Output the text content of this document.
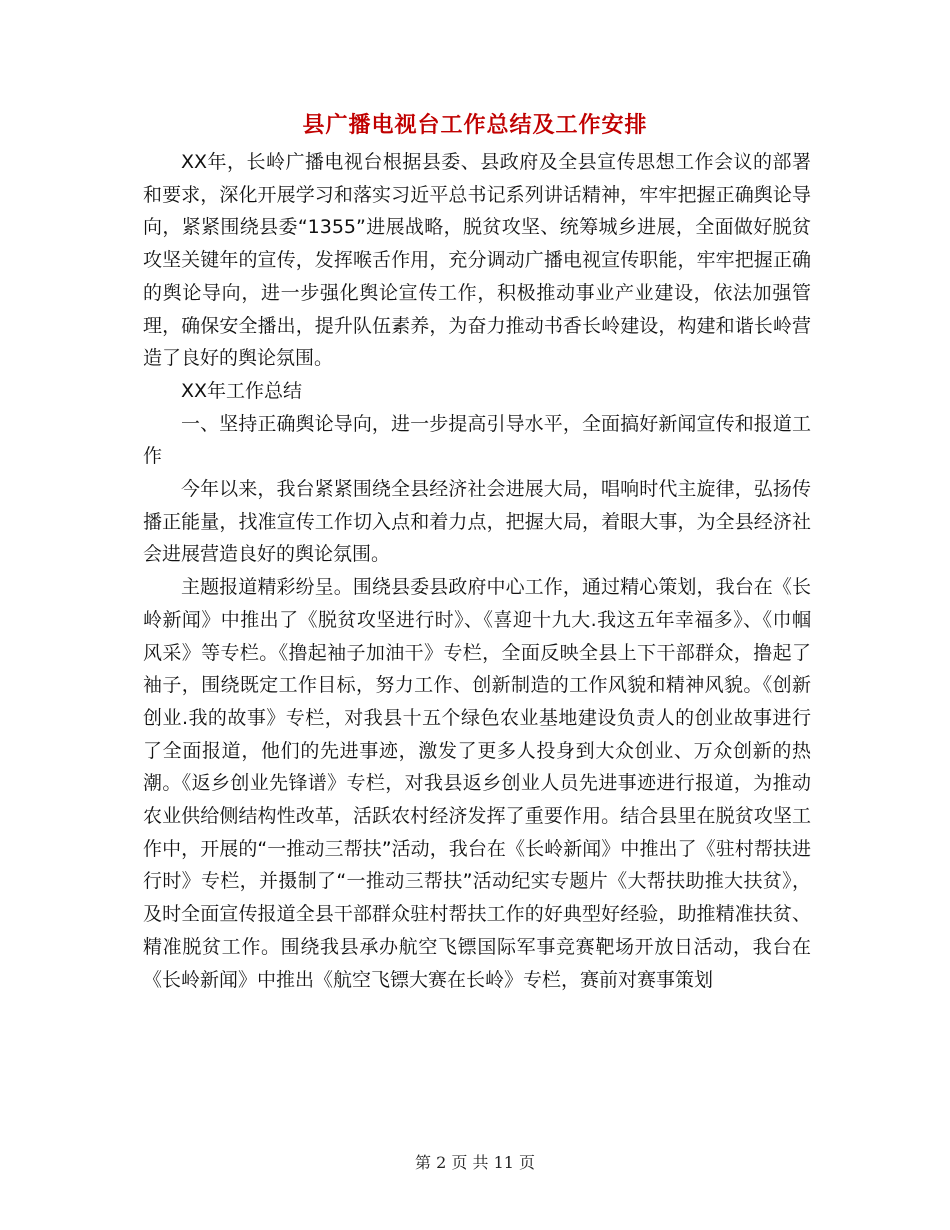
县广播电视台工作总结及工作安排

XX年，长岭广播电视台根据县委、县政府及全县宣传思想工作会议的部署和要求，深化开展学习和落实习近平总书记系列讲话精神，牢牢把握正确舆论导向，紧紧围绕县委“1355”进展战略，脱贫攻坚、统筹城乡进展，全面做好脱贫攻坚关键年的宣传，发挥喉舌作用，充分调动广播电视宣传职能，牢牢把握正确的舆论导向，进一步强化舆论宣传工作，积极推动事业产业建设，依法加强管理，确保安全播出，提升队伍素养，为奋力推动书香长岭建设，构建和谐长岭营造了良好的舆论氛围。

XX年工作总结

一、坚持正确舆论导向，进一步提高引导水平，全面搞好新闻宣传和报道工作

今年以来，我台紧紧围绕全县经济社会进展大局，唱响时代主旋律，弘扬传播正能量，找准宣传工作切入点和着力点，把握大局，着眼大事，为全县经济社会进展营造良好的舆论氛围。

主题报道精彩纷呈。围绕县委县政府中心工作，通过精心策划，我台在《长岭新闻》中推出了《脱贫攻坚进行时》、《喜迎十九大.我这五年幸福多》、《巾帼风采》等专栏。《撸起袖子加油干》专栏，全面反映全县上下干部群众，撸起了袖子，围绕既定工作目标，努力工作、创新制造的工作风貌和精神风貌。《创新创业.我的故事》专栏，对我县十五个绿色农业基地建设负责人的创业故事进行了全面报道，他们的先进事迹，激发了更多人投身到大众创业、万众创新的热潮。《返乡创业先锋谱》专栏，对我县返乡创业人员先进事迹进行报道，为推动农业供给侧结构性改革，活跃农村经济发挥了重要作用。结合县里在脱贫攻坚工作中，开展的“一推动三帮扶”活动，我台在《长岭新闻》中推出了《驻村帮扶进行时》专栏，并摄制了“一推动三帮扶”活动纪实专题片《大帮扶助推大扶贫》，及时全面宣传报道全县干部群众驻村帮扶工作的好典型好经验，助推精准扶贫、精准脱贫工作。围绕我县承办航空飞镖国际军事竞赛靶场开放日活动，我台在《长岭新闻》中推出《航空飞镖大赛在长岭》专栏，赛前对赛事策划

第 2 页 共 11 页
